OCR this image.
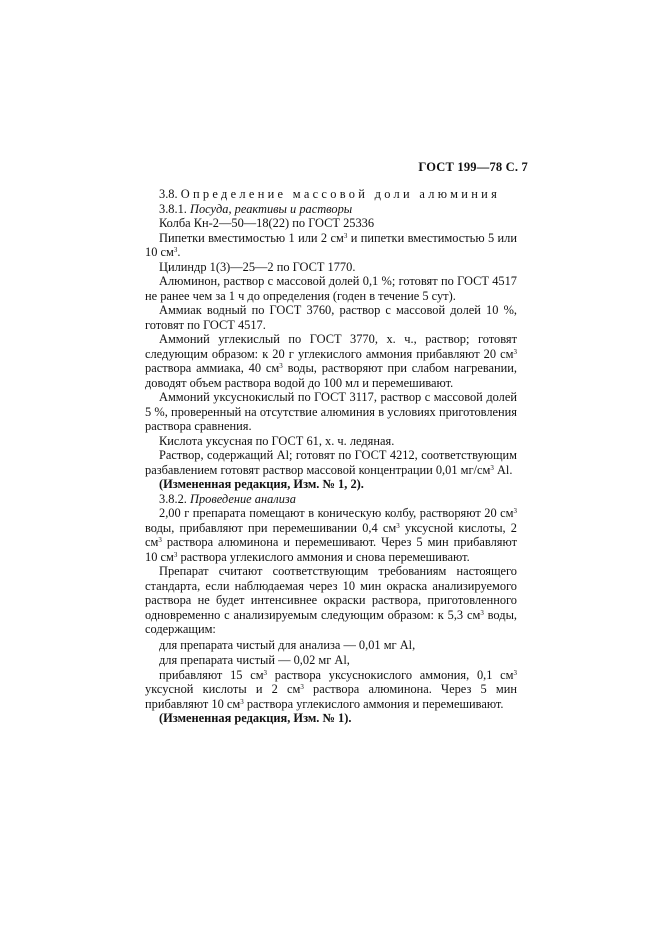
ГОСТ 199—78 С. 7

3.8. Определение массовой доли алюминия

3.8.1. Посуда, реактивы и растворы

Колба Кн-2—50—18(22) по ГОСТ 25336

Пипетки вместимостью 1 или 2 $см^3$ и пипетки вместимостью 5 или 10 $см^3$.

Цилиндр 1(3)—25—2 по ГОСТ 1770.

Алюминон, раствор с массовой долей 0,1 %; готовят по ГОСТ 4517 не ранее чем за 1 ч до определения (годен в течение 5 сут).

Аммиак водный по ГОСТ 3760, раствор с массовой долей 10 %, готовят по ГОСТ 4517.

Аммоний углекислый по ГОСТ 3770, х. ч., раствор; готовят следующим образом: к 20 г углекислого аммония прибавляют 20 $см^3$ раствора аммиака, 40 $см^3$ воды, растворяют при слабом нагревании, доводят объем раствора водой до 100 мл и перемешивают.

Аммоний уксуснокислый по ГОСТ 3117, раствор с массовой долей 5 %, проверенный на отсутствие алюминия в условиях приготовления раствора сравнения.

Кислота уксусная по ГОСТ 61, х. ч. ледяная.

Раствор, содержащий Al; готовят по ГОСТ 4212, соответствующим разбавлением готовят раствор массовой концентрации 0,01 $мг/см^3$ Al.

(Измененная редакция, Изм. № 1, 2).

3.8.2. Проведение анализа

2,00 г препарата помещают в коническую колбу, растворяют 20 $см^3$ воды, прибавляют при перемешивании 0,4 $см^3$ уксусной кислоты, 2 $см^3$ раствора алюминона и перемешивают. Через 5 мин прибавляют 10 $см^3$ раствора углекислого аммония и снова перемешивают.

Препарат считают соответствующим требованиям настоящего стандарта, если наблюдаемая через 10 мин окраска анализируемого раствора не будет интенсивнее окраски раствора, приготовленного одновременно с анализируемым следующим образом: к 5,3 $см^3$ воды, содержащим:

для препарата чистый для анализа — 0,01 мг Al,

для препарата чистый — 0,02 мг Al,

прибавляют 15 $см^3$ раствора уксуснокислого аммония, 0,1 $см^3$ уксусной кислоты и 2 $см^3$ раствора алюминона. Через 5 мин прибавляют 10 $см^3$ раствора углекислого аммония и перемешивают.

(Измененная редакция, Изм. № 1).
